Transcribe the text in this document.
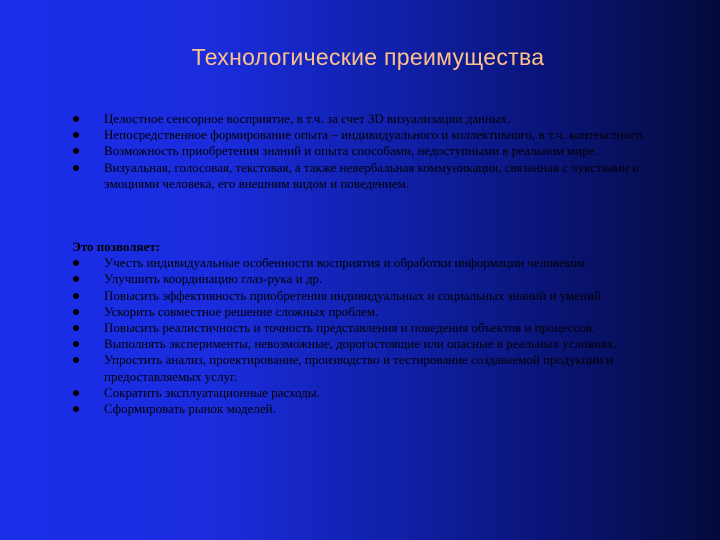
Технологические преимущества
Целостное сенсорное восприятие, в т.ч. за счет 3D визуализации данных.
Непосредственное формирование опыта – индивидуального и коллективного, в т.ч. контекстного.
Возможность приобретения знаний и опыта способами, недоступными в реальном мире.
Визуальная, голосовая, текстовая, а также невербальная коммуникация, связанная с чувствами и эмоциями человека, его внешним видом и поведением.
Это позволяет:
Учесть индивидуальные особенности восприятия и обработки информации человеком.
Улучшить координацию глаз-рука и др.
Повысить эффективность приобретения индивидуальных и социальных знаний и умений.
Ускорить совместное решение сложных проблем.
Повысить реалистичность и точность представления и поведения объектов и процессов.
Выполнять эксперименты, невозможные, дорогостоящие или опасные в реальных условиях.
Упростить анализ, проектирование, производство и тестирование создаваемой продукции и предоставляемых услуг.
Сократить эксплуатационные расходы.
Сформировать рынок моделей.
